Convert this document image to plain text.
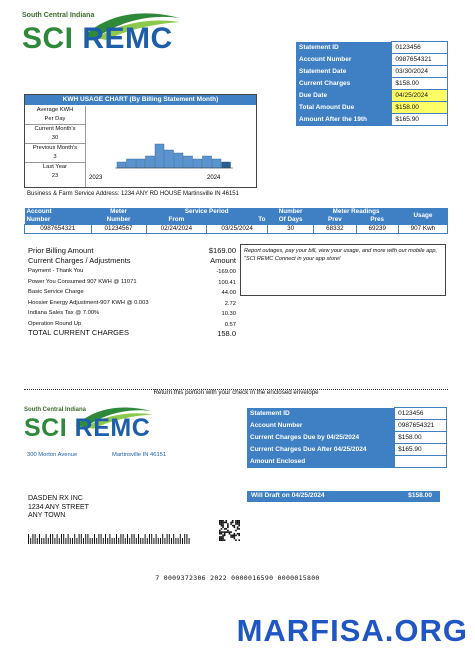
South Central Indiana
SCI REMC	Statement ID	0123456
Account Number	0987654321
Statement Date	03/30/2024
Current Charges	$158.00
Due Date	04/25/2024
Total Amount Due	$158.00
Amount After the 19th	$165.90
KWH USAGE CHART (By Billing Statement Month)
Average KWH
Per Day
Current Month's
30
Previous Month's
3
Last Year
23	2023	2024
Business & Farm Service Address: 1234 ANY RD HOUSE Martinsville IN 46151
Account	Meter	Service Period		Number	Meter Readings		Usage
Number	Number	From	To	Of Days	Prev	Pres	
0987654321	01234567	02/24/2024	03/25/2024	30	68332	69239	907 Kwh
Prior Billing Amount	$169.00
Current Charges / Adjustments	Amount
Payment - Thank You	-169.00
Power You Consumed 907 KWH @ 11071	100.41
Basic Service Charge	44.00
Hoosier Energy Adjustment-907 KWH @ 0.003	2.72
Indiana Sales Tax @ 7.00%	10.30
Operation Round Up	0.57
TOTAL CURRENT CHARGES	158.0
Report outages, pay your bill, view your usage, and more with our mobile app, "SCI REMC Connect in your app store!
Return this portion with your check in the enclosed envelope
South Central Indiana
SCI REMC
300 Morton Avenue	Martinsville IN 46151
Statement ID	0123456
Account Number	0987654321
Current Charges Due by 04/25/2024	$158.00
Current Charges Due After 04/25/2024	$165.90
Amount Enclosed	
Will Draft on 04/25/2024	$158.00
DASDEN RX INC
1234 ANY STREET
ANY TOWN
7 0009372306 2022 0000016590 0000015800
MARFISA.ORG
